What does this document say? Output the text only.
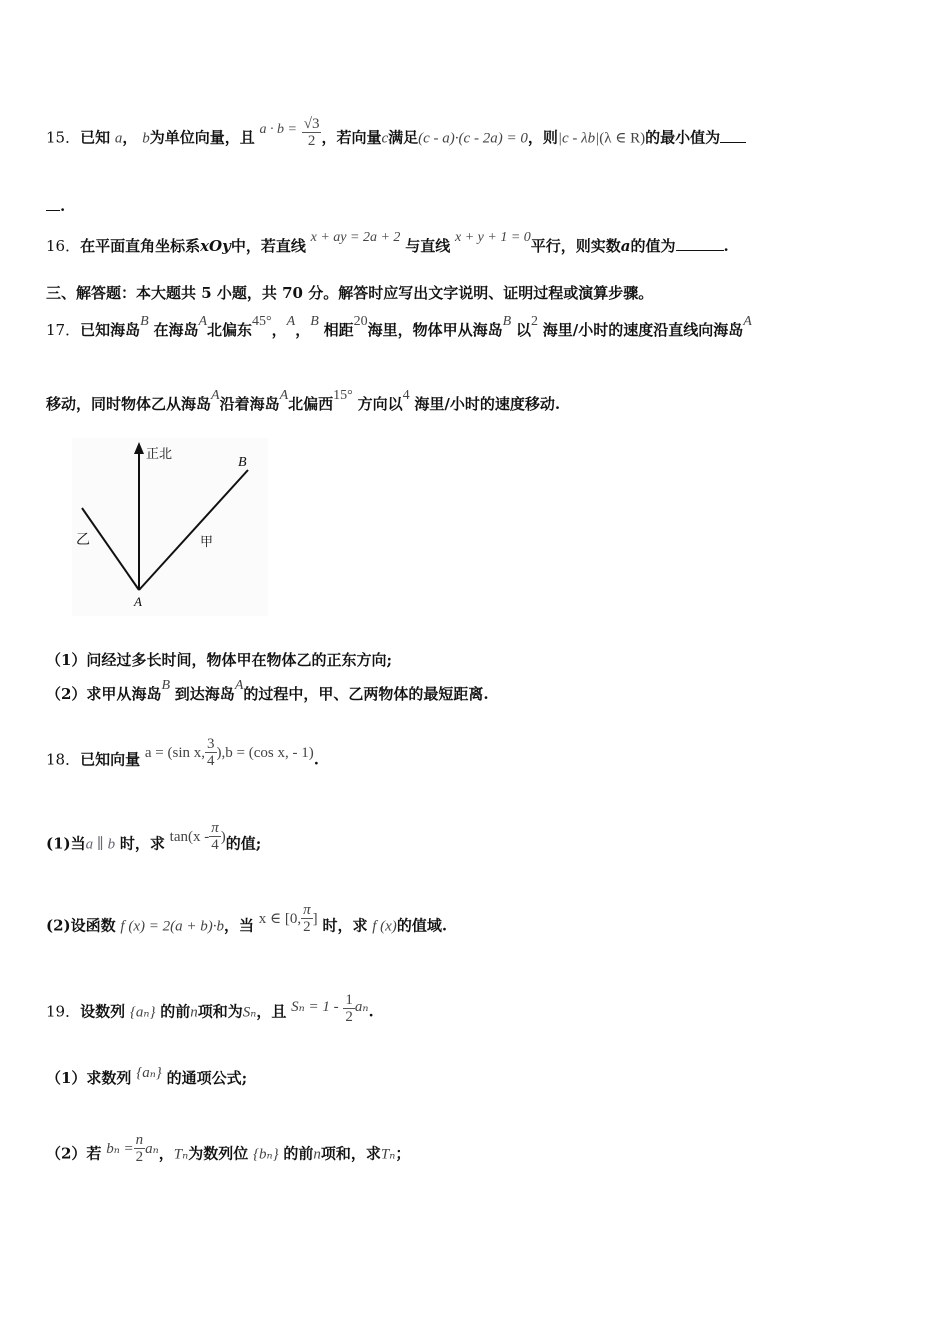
15．已知 a， b为单位向量，且 $a \cdot b = \frac{√3}{2}$ ，若向量c满足(c - a)·(c - 2a) = 0，则|c - λb|(λ ∈ R)的最小值为
.
16．在平面直角坐标系xOy中，若直线 x + ay = 2a + 2 与直线 x + y + 1 = 0平行，则实数a的值为	.
三、解答题：本大题共 5 小题，共 70 分。解答时应写出文字说明、证明过程或演算步骤。
17．已知海岛B 在海岛A北偏东45°，A，B 相距20海里，物体甲从海岛B 以2 海里/小时的速度沿直线向海岛A
移动，同时物体乙从海岛A沿着海岛A北偏西15° 方向以4 海里/小时的速度移动.
正北
B
A
乙	甲
（1）问经过多长时间，物体甲在物体乙的正东方向;
（2）求甲从海岛B 到达海岛A的过程中，甲、乙两物体的最短距离.
18．已知向量 a = (sin x, $\frac{3}{4} ),b = (\cos$ x, - 1).
(1)当a ∥ b 时，求 $\tan(x - \frac{\pi}{4}$ )的值;
(2)设函数 f (x) = 2(a + b)·b，当 x ∈ [0, $\frac{\pi}{2}$ ] 时，求 f (x)的值域.
19．设数列 {aₙ} 的前n项和为Sₙ，且 $S_n = 1 - \frac{1}{2} a_n$.
（1）求数列 {aₙ} 的通项公式;
（2）若 $b_n = \frac{n}{2}$ aₙ，Tₙ为数列位 {bₙ} 的前n项和，求Tₙ；
